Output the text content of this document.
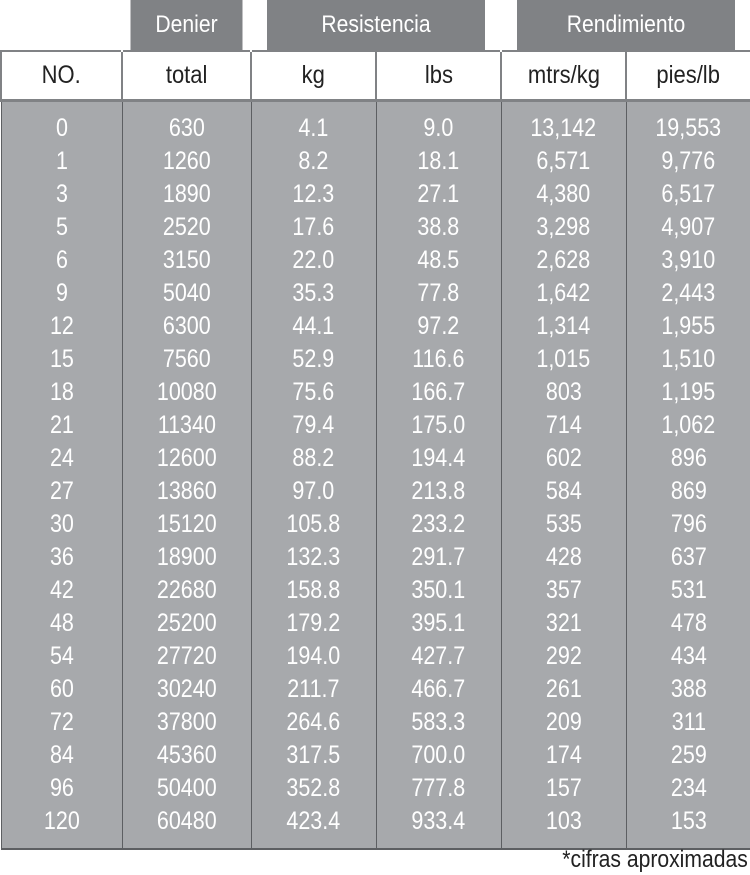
	Denier	Resistencia		Rendimiento	
NO.	total	kg	lbs	mtrs/kg	pies/lb
0	630	4.1	9.0	13,142	19,553
1	1260	8.2	18.1	6,571	9,776
3	1890	12.3	27.1	4,380	6,517
5	2520	17.6	38.8	3,298	4,907
6	3150	22.0	48.5	2,628	3,910
9	5040	35.3	77.8	1,642	2,443
12	6300	44.1	97.2	1,314	1,955
15	7560	52.9	116.6	1,015	1,510
18	10080	75.6	166.7	803	1,195
21	11340	79.4	175.0	714	1,062
24	12600	88.2	194.4	602	896
27	13860	97.0	213.8	584	869
30	15120	105.8	233.2	535	796
36	18900	132.3	291.7	428	637
42	22680	158.8	350.1	357	531
48	25200	179.2	395.1	321	478
54	27720	194.0	427.7	292	434
60	30240	211.7	466.7	261	388
72	37800	264.6	583.3	209	311
84	45360	317.5	700.0	174	259
96	50400	352.8	777.8	157	234
120	60480	423.4	933.4	103	153
*cifras aproximadas
